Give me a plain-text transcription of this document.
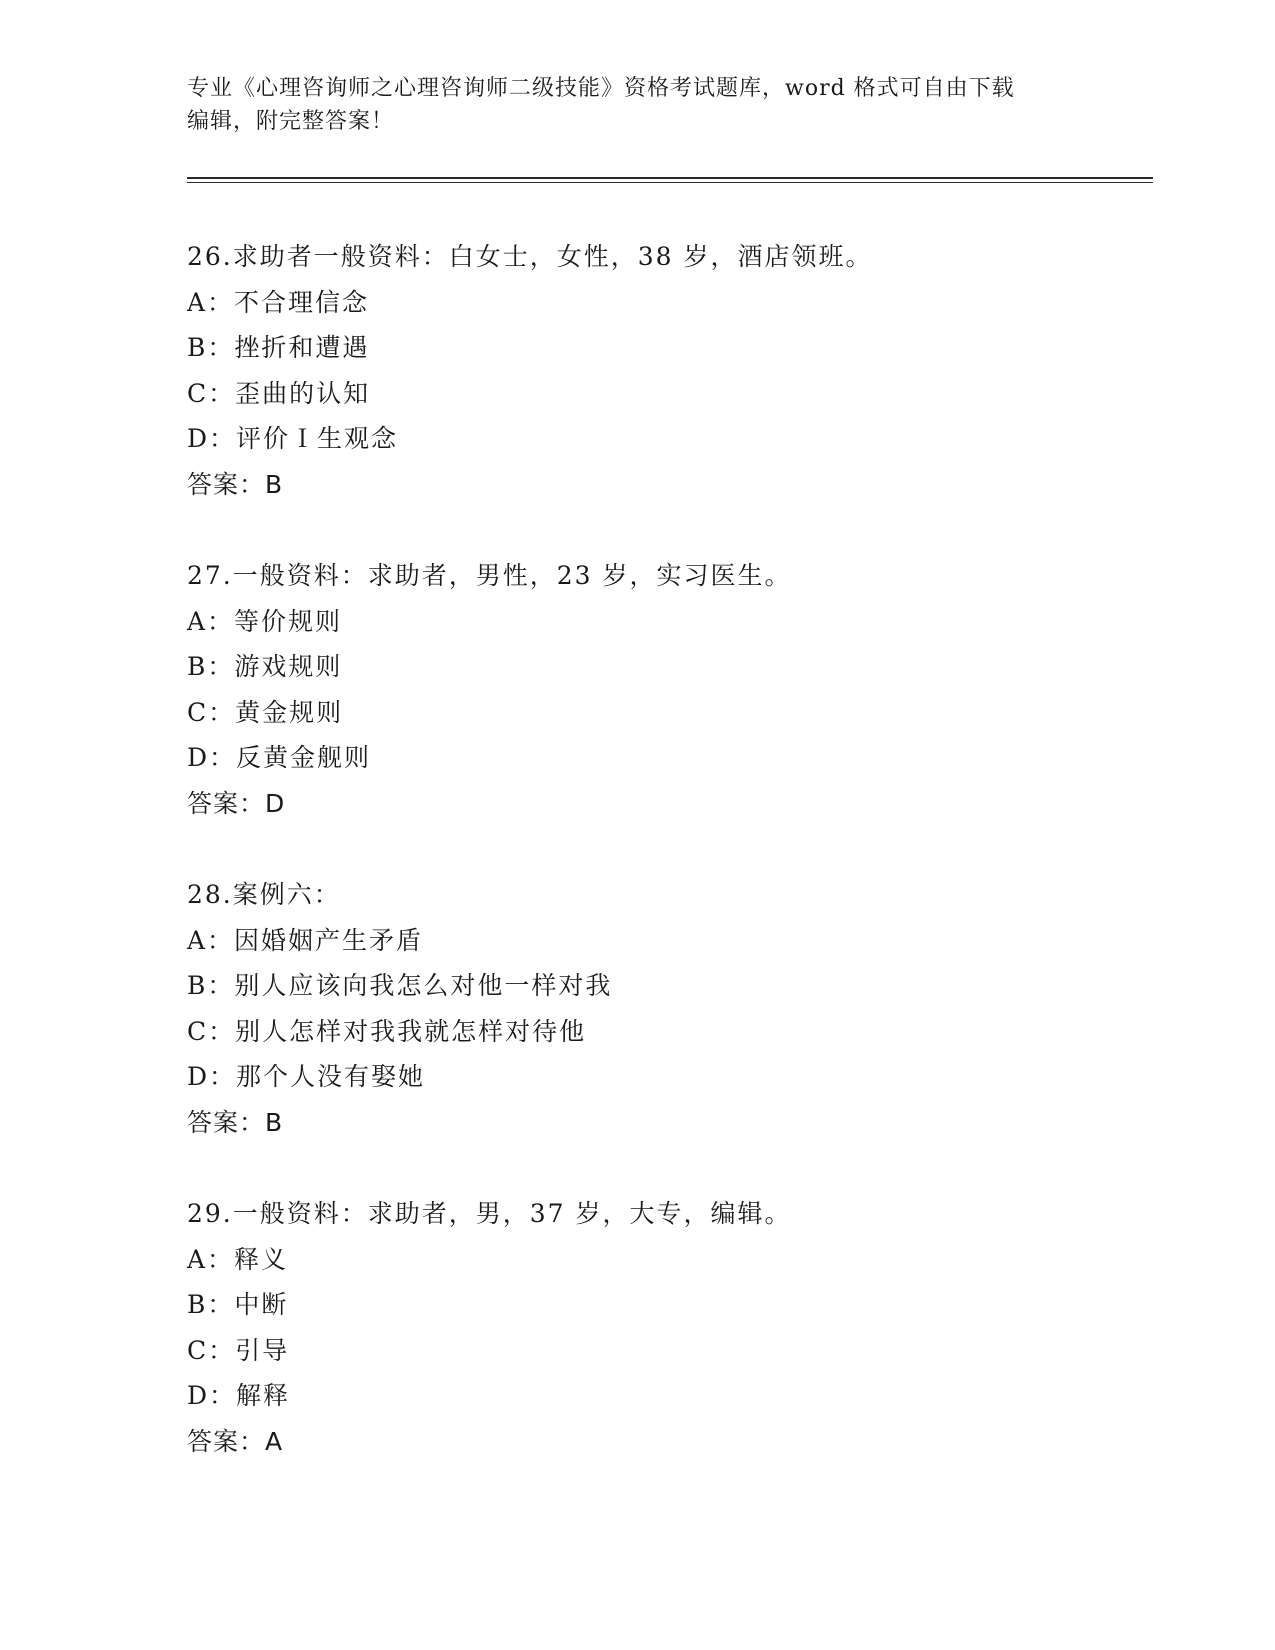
专业《心理咨询师之心理咨询师二级技能》资格考试题库，word 格式可自由下载
编辑，附完整答案！
26.求助者一般资料：白女士，女性，38 岁，酒店领班。
A：不合理信念
B：挫折和遭遇
C：歪曲的认知
D：评价Ｉ生观念
答案：B
27.一般资料：求助者，男性，23 岁，实习医生。
A：等价规则
B：游戏规则
C：黄金规则
D：反黄金舰则
答案：D
28.案例六：
A：因婚姻产生矛盾
B：别人应该向我怎么对他一样对我
C：别人怎样对我我就怎样对待他
D：那个人没有娶她
答案：B
29.一般资料：求助者，男，37 岁，大专，编辑。
A：释义
B：中断
C：引导
D：解释
答案：A
